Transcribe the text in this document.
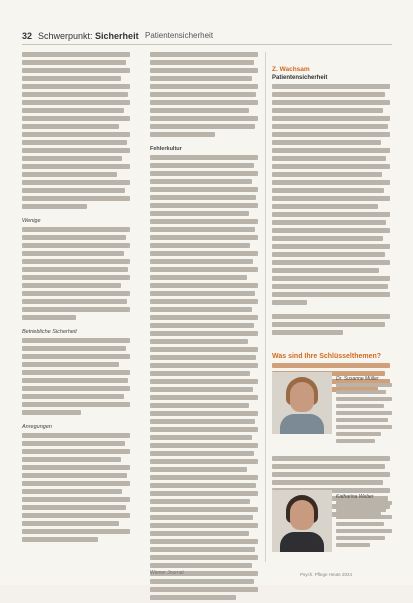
32 Schwerpunkt: Sicherheit Patientensicherheit
Wenige
Betriebliche Sicherheit
Anregungen
Fehlerkultur
Z. Wachsam
Patientensicherheit
Was sind Ihre Schlüsselthemen?
Dr. Susanne Müller
Katharina Weber
Wiener Journal	Psych. Pflege Heute 2024
